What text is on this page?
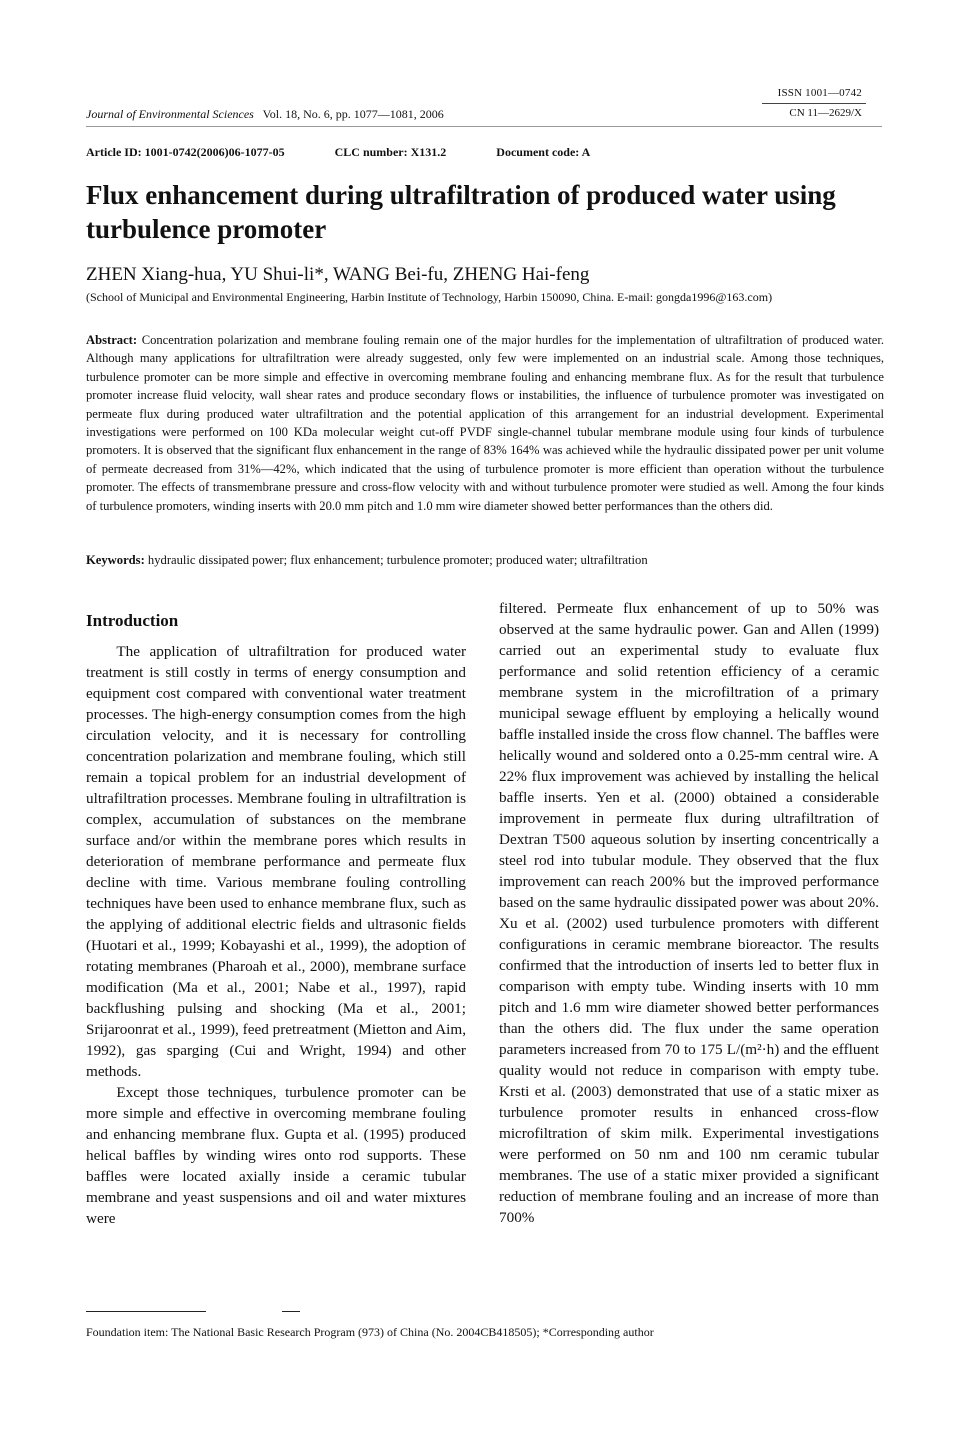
ISSN 1001—0742
CN 11—2629/X
Journal of Environmental Sciences Vol. 18, No. 6, pp. 1077—1081, 2006
Article ID: 1001-0742(2006)06-1077-05	CLC number: X131.2	Document code: A
Flux enhancement during ultrafiltration of produced water using turbulence promoter
ZHEN Xiang-hua, YU Shui-li*, WANG Bei-fu, ZHENG Hai-feng
(School of Municipal and Environmental Engineering, Harbin Institute of Technology, Harbin 150090, China. E-mail: gongda1996@163.com)
Abstract: Concentration polarization and membrane fouling remain one of the major hurdles for the implementation of ultrafiltration of produced water. Although many applications for ultrafiltration were already suggested, only few were implemented on an industrial scale. Among those techniques, turbulence promoter can be more simple and effective in overcoming membrane fouling and enhancing membrane flux. As for the result that turbulence promoter increase fluid velocity, wall shear rates and produce secondary flows or instabilities, the influence of turbulence promoter was investigated on permeate flux during produced water ultrafiltration and the potential application of this arrangement for an industrial development. Experimental investigations were performed on 100 KDa molecular weight cut-off PVDF single-channel tubular membrane module using four kinds of turbulence promoters. It is observed that the significant flux enhancement in the range of 83% 164% was achieved while the hydraulic dissipated power per unit volume of permeate decreased from 31%—42%, which indicated that the using of turbulence promoter is more efficient than operation without the turbulence promoter. The effects of transmembrane pressure and cross-flow velocity with and without turbulence promoter were studied as well. Among the four kinds of turbulence promoters, winding inserts with 20.0 mm pitch and 1.0 mm wire diameter showed better performances than the others did.
Keywords: hydraulic dissipated power; flux enhancement; turbulence promoter; produced water; ultrafiltration
Introduction

The application of ultrafiltration for produced water treatment is still costly in terms of energy consumption and equipment cost compared with conventional water treatment processes. The high-energy consumption comes from the high circulation velocity, and it is necessary for controlling concentration polarization and membrane fouling, which still remain a topical problem for an industrial development of ultrafiltration processes. Membrane fouling in ultrafiltration is complex, accumulation of substances on the membrane surface and/or within the membrane pores which results in deterioration of membrane performance and permeate flux decline with time. Various membrane fouling controlling techniques have been used to enhance membrane flux, such as the applying of additional electric fields and ultrasonic fields (Huotari et al., 1999; Kobayashi et al., 1999), the adoption of rotating membranes (Pharoah et al., 2000), membrane surface modification (Ma et al., 2001; Nabe et al., 1997), rapid backflushing pulsing and shocking (Ma et al., 2001; Srijaroonrat et al., 1999), feed pretreatment (Mietton and Aim, 1992), gas sparging (Cui and Wright, 1994) and other methods.

Except those techniques, turbulence promoter can be more simple and effective in overcoming membrane fouling and enhancing membrane flux. Gupta et al. (1995) produced helical baffles by winding wires onto rod supports. These baffles were located axially inside a ceramic tubular membrane and yeast suspensions and oil and water mixtures were

filtered. Permeate flux enhancement of up to 50% was observed at the same hydraulic power. Gan and Allen (1999) carried out an experimental study to evaluate flux performance and solid retention efficiency of a ceramic membrane system in the microfiltration of a primary municipal sewage effluent by employing a helically wound baffle installed inside the cross flow channel. The baffles were helically wound and soldered onto a 0.25-mm central wire. A 22% flux improvement was achieved by installing the helical baffle inserts. Yen et al. (2000) obtained a considerable improvement in permeate flux during ultrafiltration of Dextran T500 aqueous solution by inserting concentrically a steel rod into tubular module. They observed that the flux improvement can reach 200% but the improved performance based on the same hydraulic dissipated power was about 20%. Xu et al. (2002) used turbulence promoters with different configurations in ceramic membrane bioreactor. The results confirmed that the introduction of inserts led to better flux in comparison with empty tube. Winding inserts with 10 mm pitch and 1.6 mm wire diameter showed better performances than the others did. The flux under the same operation parameters increased from 70 to 175 L/(m²·h) and the effluent quality would not reduce in comparison with empty tube. Krsti et al. (2003) demonstrated that use of a static mixer as turbulence promoter results in enhanced cross-flow microfiltration of skim milk. Experimental investigations were performed on 50 nm and 100 nm ceramic tubular membranes. The use of a static mixer provided a significant reduction of membrane fouling and an increase of more than 700%

Foundation item: The National Basic Research Program (973) of China (No. 2004CB418505); *Corresponding author
